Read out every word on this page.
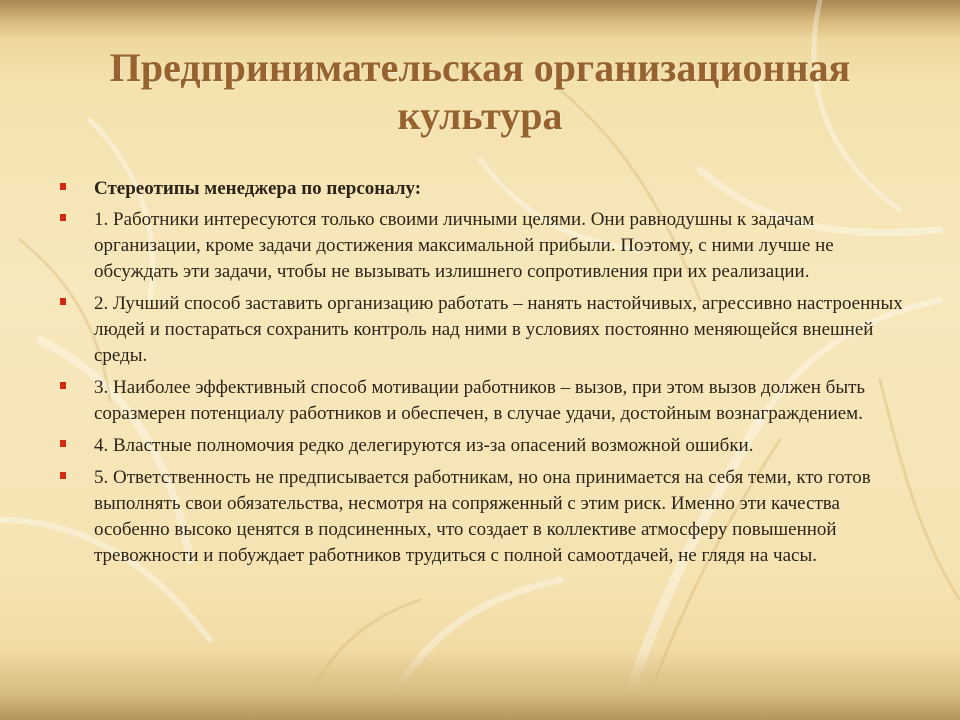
Предпринимательская организационная культура
Стереотипы менеджера по персоналу:
1. Работники интересуются только своими личными целями. Они равнодушны к задачам организации, кроме задачи достижения максимальной прибыли. Поэтому, с ними лучше не обсуждать эти задачи, чтобы не вызывать излишнего сопротивления при их реализации.
2. Лучший способ заставить организацию работать – нанять настойчивых, агрессивно настроенных людей и постараться сохранить контроль над ними в условиях постоянно меняющейся внешней среды.
3. Наиболее эффективный способ мотивации работников – вызов, при этом вызов должен быть соразмерен потенциалу работников и обеспечен, в случае удачи, достойным вознаграждением.
4. Властные полномочия редко делегируются из-за опасений возможной ошибки.
5. Ответственность не предписывается работникам, но она принимается на себя теми, кто готов выполнять свои обязательства, несмотря на сопряженный с этим риск. Именно эти качества особенно высоко ценятся в подсиненных, что создает в коллективе атмосферу повышенной тревожности и побуждает работников трудиться с полной самоотдачей, не глядя на часы.
